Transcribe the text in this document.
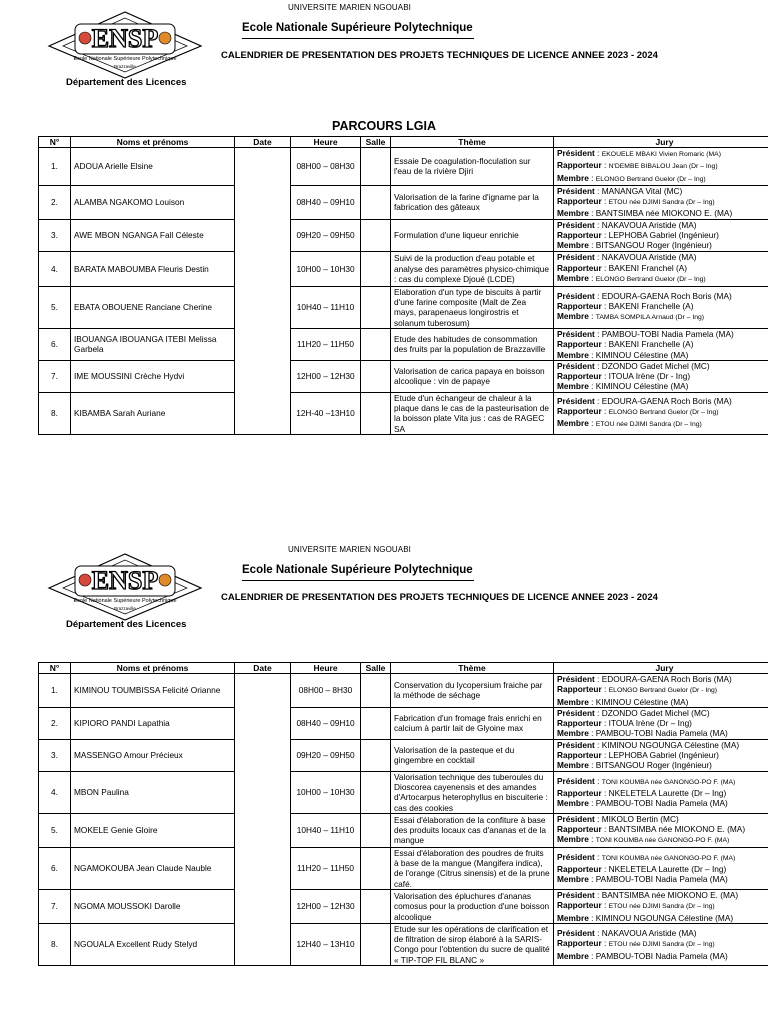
ENSP
Ecole Nationale Supérieure Polytechnique
Brazzaville
UNIVERSITE MARIEN NGOUABI
Ecole Nationale Supérieure Polytechnique
CALENDRIER DE PRESENTATION DES PROJETS TECHNIQUES DE LICENCE ANNEE 2023 - 2024
Département des Licences
PARCOURS LGIA
N°	Noms et prénoms	Date	Heure	Salle	Thème	Jury
1.	ADOUA Arielle Elsine		08H00 – 08H30		Essaie De coagulation-floculation sur l'eau de la rivière Djiri	Président : EKOUELE MBAKI Vivien Romaric (MA)
Rapporteur : N'DEMBE BIBALOU Jean (Dr – Ing)
Membre : ELONGO Bertrand Guelor (Dr – Ing)

2.	ALAMBA NGAKOMO Louison		08H40 – 09H10		Valorisation de la farine d'igname par la fabrication des gâteaux	Président : MANANGA Vital (MC)
Rapporteur : ETOU née DJIMI Sandra (Dr – Ing)
Membre : BANTSIMBA née MIOKONO E. (MA)

3.	AWE MBON NGANGA Fall Céleste		09H20 – 09H50		Formulation d'une liqueur enrichie	Président : NAKAVOUA Aristide (MA)
Rapporteur : LEPHOBA Gabriel (Ingénieur)
Membre : BITSANGOU Roger (Ingénieur)

4.	BARATA MABOUMBA Fleuris Destin		10H00 – 10H30		Suivi de la production d'eau potable et analyse des paramètres physico-chimique : cas du complexe Djoué (LCDE)	Président : NAKAVOUA Aristide (MA)
Rapporteur : BAKENI Franchel (A)
Membre : ELONGO Bertrand Guelor (Dr – Ing)

5.	EBATA OBOUENE Ranciane Cherine		10H40 – 11H10		Elaboration d'un type de biscuits à partir d'une farine composite (Malt de Zea mays, parapenaeus longirostris et solanum tuberosum)	Président : EDOURA-GAENA Roch Boris (MA)
Rapporteur : BAKENI Franchelle (A)
Membre : TAMBA SOMPILA Arnaud (Dr – Ing)

6.	IBOUANGA IBOUANGA ITEBI Melissa Garbela		11H20 – 11H50		Etude des habitudes de consommation des fruits par la population de Brazzaville	Président : PAMBOU-TOBI Nadia Pamela (MA)
Rapporteur : BAKENI Franchelle (A)
Membre : KIMINOU Célestine (MA)

7.	IME MOUSSINI Crèche Hydvi		12H00 – 12H30		Valorisation de carica papaya en boisson alcoolique : vin de papaye	Président : DZONDO Gadet Michel (MC)
Rapporteur : ITOUA Irène (Dr - Ing)
Membre : KIMINOU Célestine (MA)

8.	KIBAMBA Sarah Auriane		12H-40 –13H10		Etude d'un échangeur de chaleur à la plaque dans le cas de la pasteurisation de la boisson plate Vita jus : cas de RAGEC SA	Président : EDOURA-GAENA Roch Boris (MA)
Rapporteur : ELONGO Bertrand Guelor (Dr – Ing)
Membre : ETOU née DJIMI Sandra (Dr – Ing)
ENSP
Ecole Nationale Supérieure Polytechnique
Brazzaville
UNIVERSITE MARIEN NGOUABI
Ecole Nationale Supérieure Polytechnique
CALENDRIER DE PRESENTATION DES PROJETS TECHNIQUES DE LICENCE ANNEE 2023 - 2024
Département des Licences
N°	Noms et prénoms	Date	Heure	Salle	Thème	Jury
1.	KIMINOU TOUMBISSA Felicité Orianne		08H00 – 8H30		Conservation du lycopersium fraiche par la méthode de séchage	Président : EDOURA-GAENA Roch Boris (MA)
Rapporteur : ELONGO Bertrand Guelor (Dr - Ing)
Membre : KIMINOU Célestine (MA)

2.	KIPIORO PANDI Lapathia		08H40 – 09H10		Fabrication d'un fromage frais enrichi en calcium à partir lait de Glyoine max	Président : DZONDO Gadet Michel (MC)
Rapporteur : ITOUA Irène (Dr – Ing)
Membre : PAMBOU-TOBI Nadia Pamela (MA)

3.	MASSENGO Amour Précieux		09H20 – 09H50		Valorisation de la pasteque et du gingembre en cocktail	Président : KIMINOU NGOUNGA Célestine (MA)
Rapporteur : LEPHOBA Gabriel (Ingénieur)
Membre : BITSANGOU Roger (Ingénieur)

4.	MBON Paulina		10H00 – 10H30		Valorisation technique des tuberoules du Dioscorea cayenensis et des amandes d'Artocarpus heterophyllus en biscuiterie : cas des cookies	Président : TONI KOUMBA née GANONGO-PO F. (MA)
Rapporteur : NKELETELA Laurette (Dr – Ing)
Membre : PAMBOU-TOBI Nadia Pamela (MA)

5.	MOKELE Genie Gloire		10H40 – 11H10		Essai d'élaboration de la confiture à base des produits locaux cas d'ananas et de la mangue	Président : MIKOLO Bertin (MC)
Rapporteur : BANTSIMBA née MIOKONO E. (MA)
Membre : TONI KOUMBA née GANONGO-PO F. (MA)

6.	NGAMOKOUBA Jean Claude Nauble		11H20 – 11H50		Essai d'élaboration des poudres de fruits à base de la mangue (Mangifera indica), de l'orange (Citrus sinensis) et de la prune café.	Président : TONI KOUMBA née GANONGO-PO F. (MA)
Rapporteur : NKELETELA Laurette (Dr – Ing)
Membre : PAMBOU-TOBI Nadia Pamela (MA)

7.	NGOMA MOUSSOKI Darolle		12H00 – 12H30		Valorisation des épluchures d'ananas comosus pour la production d'une boisson alcoolique	Président : BANTSIMBA née MIOKONO E. (MA)
Rapporteur : ETOU née DJIMI Sandra (Dr – Ing)
Membre : KIMINOU NGOUNGA Célestine (MA)

8.	NGOUALA Excellent Rudy Stelyd		12H40 – 13H10		Etude sur les opérations de clarification et de filtration de sirop élaboré à la SARIS-Congo pour l'obtention du sucre de qualité « TIP-TOP FIL BLANC »	Président : NAKAVOUA Aristide (MA)
Rapporteur : ETOU née DJIMI Sandra (Dr – Ing)
Membre : PAMBOU-TOBI Nadia Pamela (MA)
